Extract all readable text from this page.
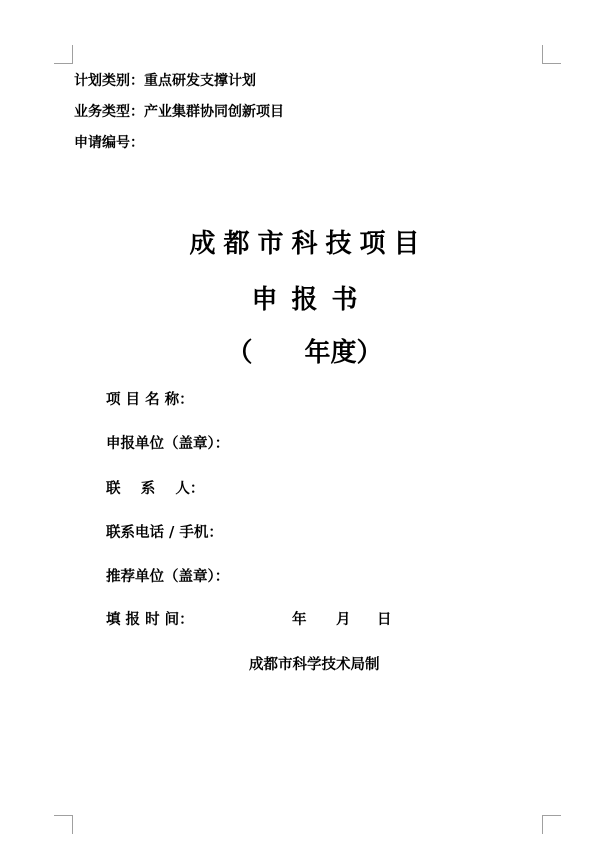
计划类别：重点研发支撑计划
业务类型：产业集群协同创新项目
申请编号：
成都市科技项目
申报书
（ 年度）
项 目 名 称：
申报单位（盖章）：
联    系    人：
联系电话 / 手机：
推荐单位（盖章）：
填 报 时 间：	年 月 日
成都市科学技术局制
